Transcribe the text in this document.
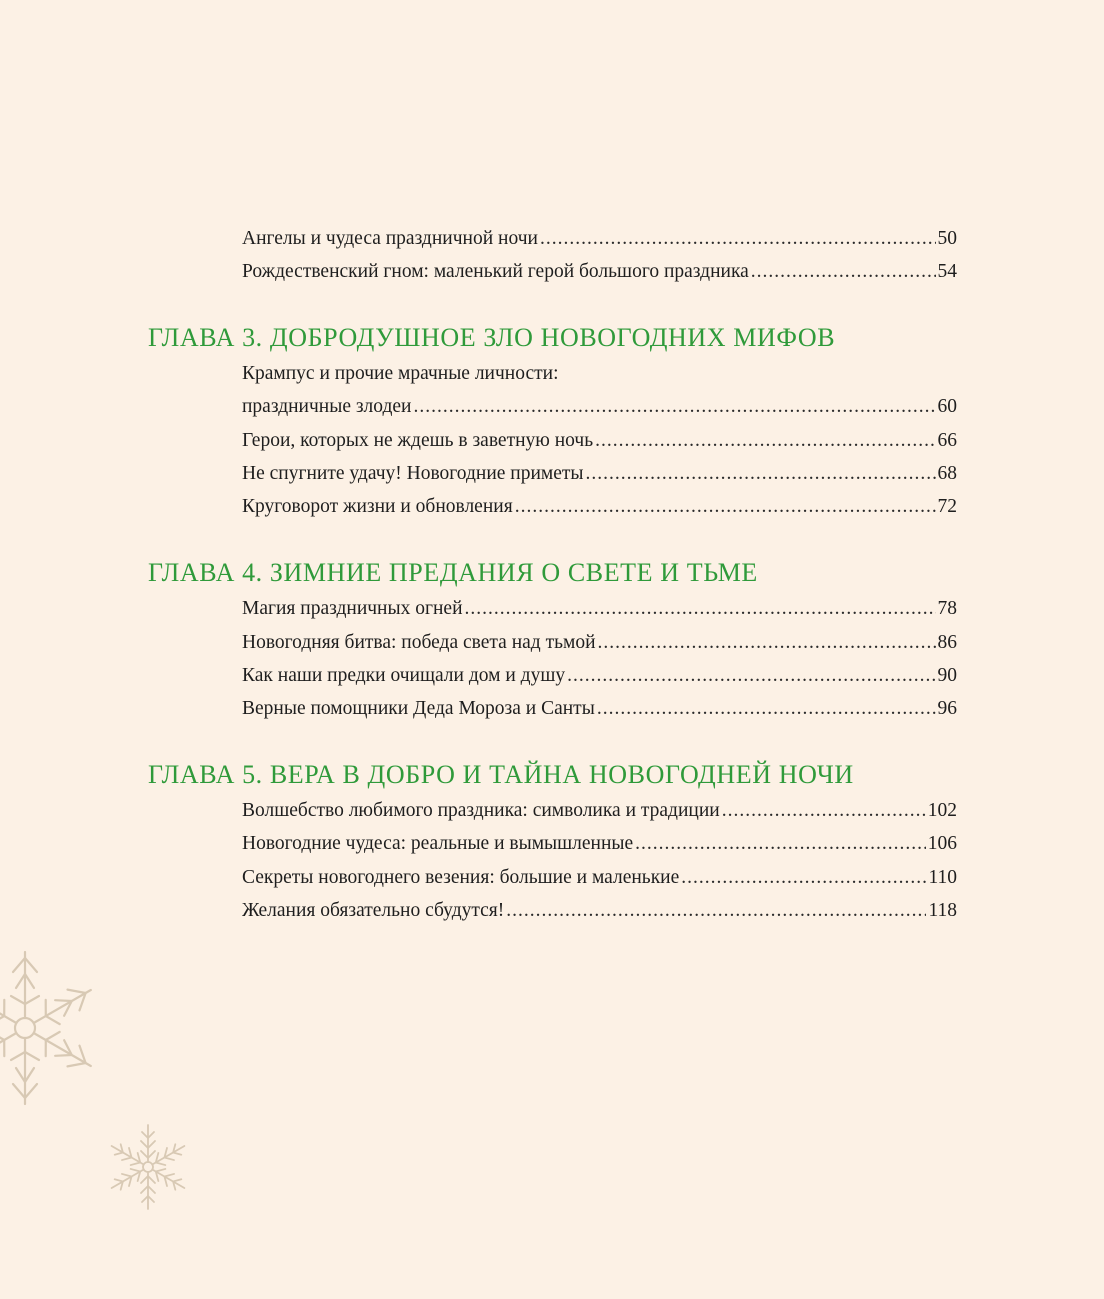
Ангелы и чудеса праздничной ночи .....	50
Рождественский гном: маленький герой большого праздника .....	54
ГЛАВА 3. ДОБРОДУШНОЕ ЗЛО НОВОГОДНИХ МИФОВ
Крампус и прочие мрачные личности:
праздничные злодеи .....	60
Герои, которых не ждешь в заветную ночь .....	66
Не спугните удачу! Новогодние приметы .....	68
Круговорот жизни и обновления .....	72
ГЛАВА 4. ЗИМНИЕ ПРЕДАНИЯ О СВЕТЕ И ТЬМЕ
Магия праздничных огней .....	78
Новогодняя битва: победа света над тьмой .....	86
Как наши предки очищали дом и душу .....	90
Верные помощники Деда Мороза и Санты .....	96
ГЛАВА 5. ВЕРА В ДОБРО И ТАЙНА НОВОГОДНЕЙ НОЧИ
Волшебство любимого праздника: символика и традиции .....	102
Новогодние чудеса: реальные и вымышленные .....	106
Секреты новогоднего везения: большие и маленькие .....	110
Желания обязательно сбудутся! .....	118
